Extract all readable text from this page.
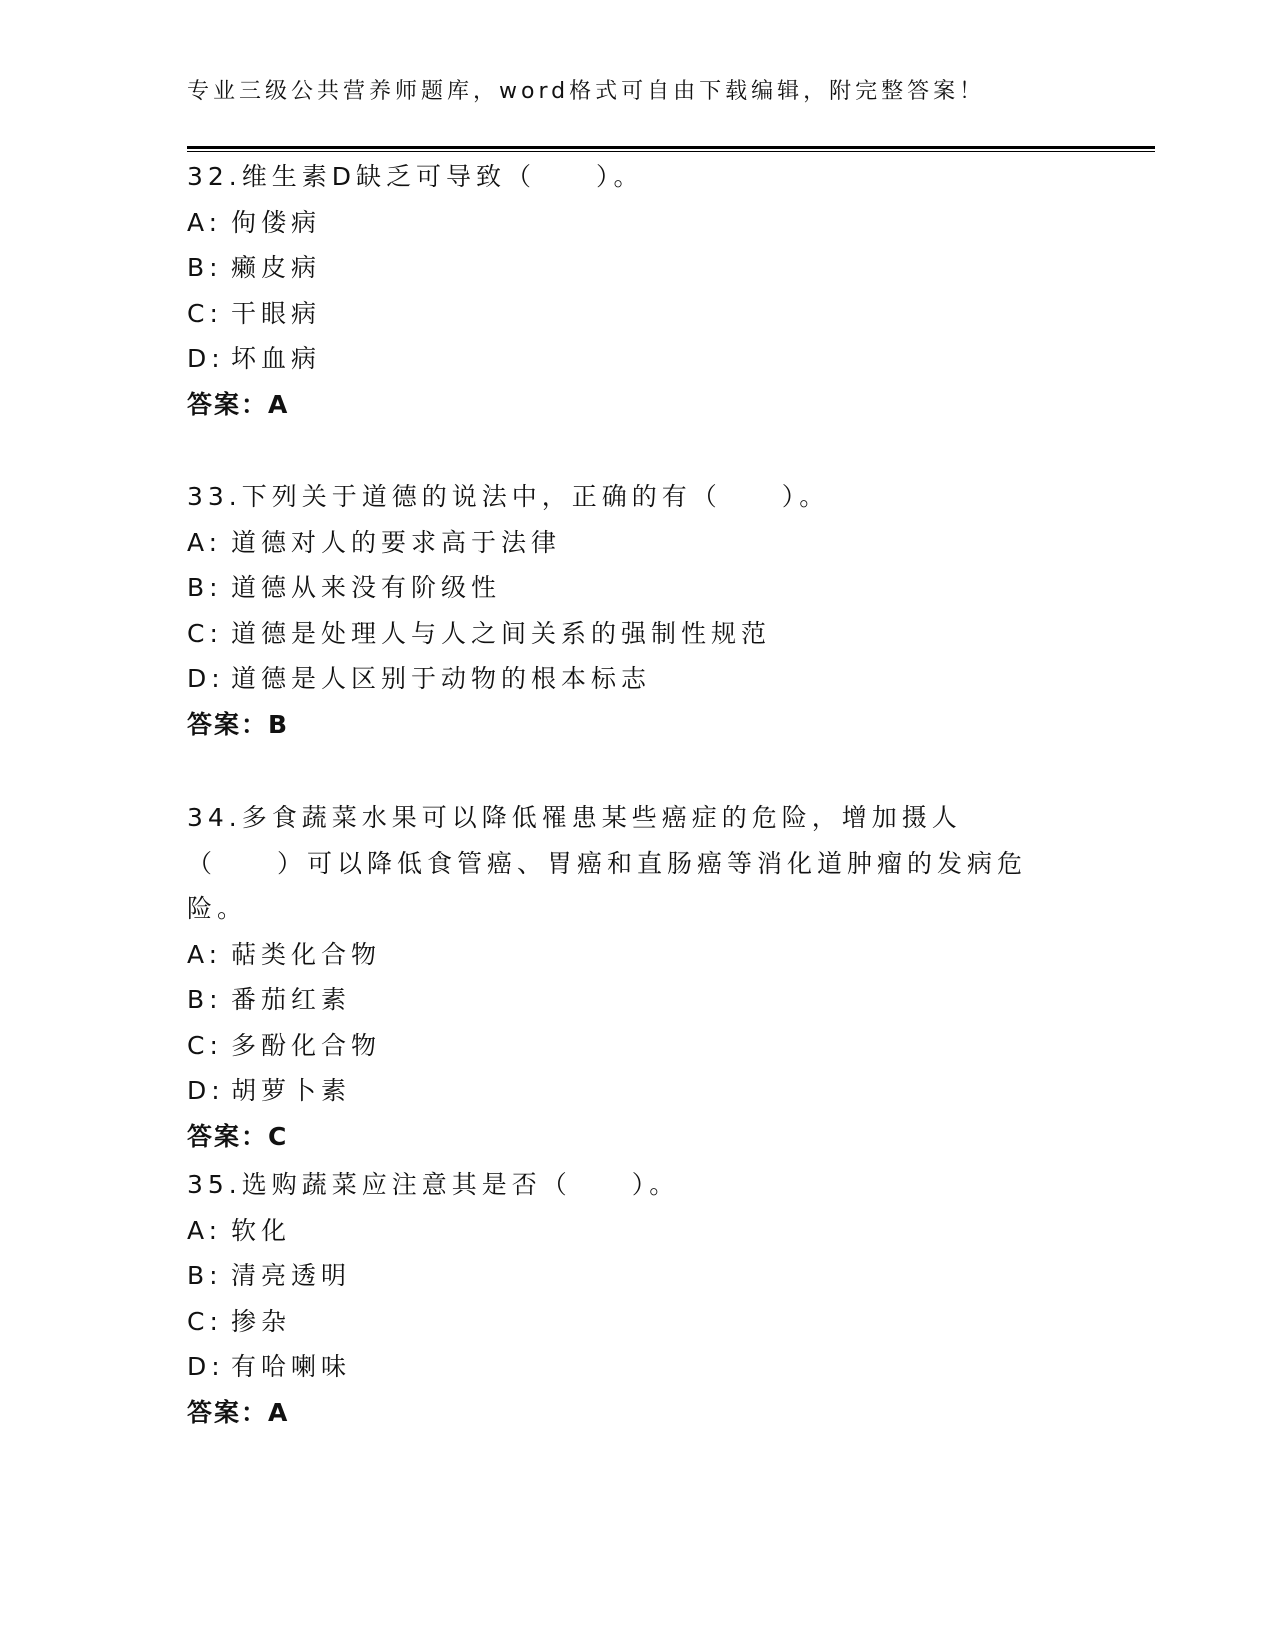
专业三级公共营养师题库，word格式可自由下载编辑，附完整答案！
32.维生素D缺乏可导致（　　）。
A: 佝偻病
B: 癞皮病
C: 干眼病
D: 坏血病
答案：A
33.下列关于道德的说法中，正确的有（　　）。
A: 道德对人的要求高于法律
B: 道德从来没有阶级性
C: 道德是处理人与人之间关系的强制性规范
D: 道德是人区别于动物的根本标志
答案：B
34.多食蔬菜水果可以降低罹患某些癌症的危险，增加摄人（　　）可以降低食管癌、胃癌和直肠癌等消化道肿瘤的发病危险。
A: 萜类化合物
B: 番茄红素
C: 多酚化合物
D: 胡萝卜素
答案：C
35.选购蔬菜应注意其是否（　　）。
A: 软化
B: 清亮透明
C: 掺杂
D: 有哈喇味
答案：A
